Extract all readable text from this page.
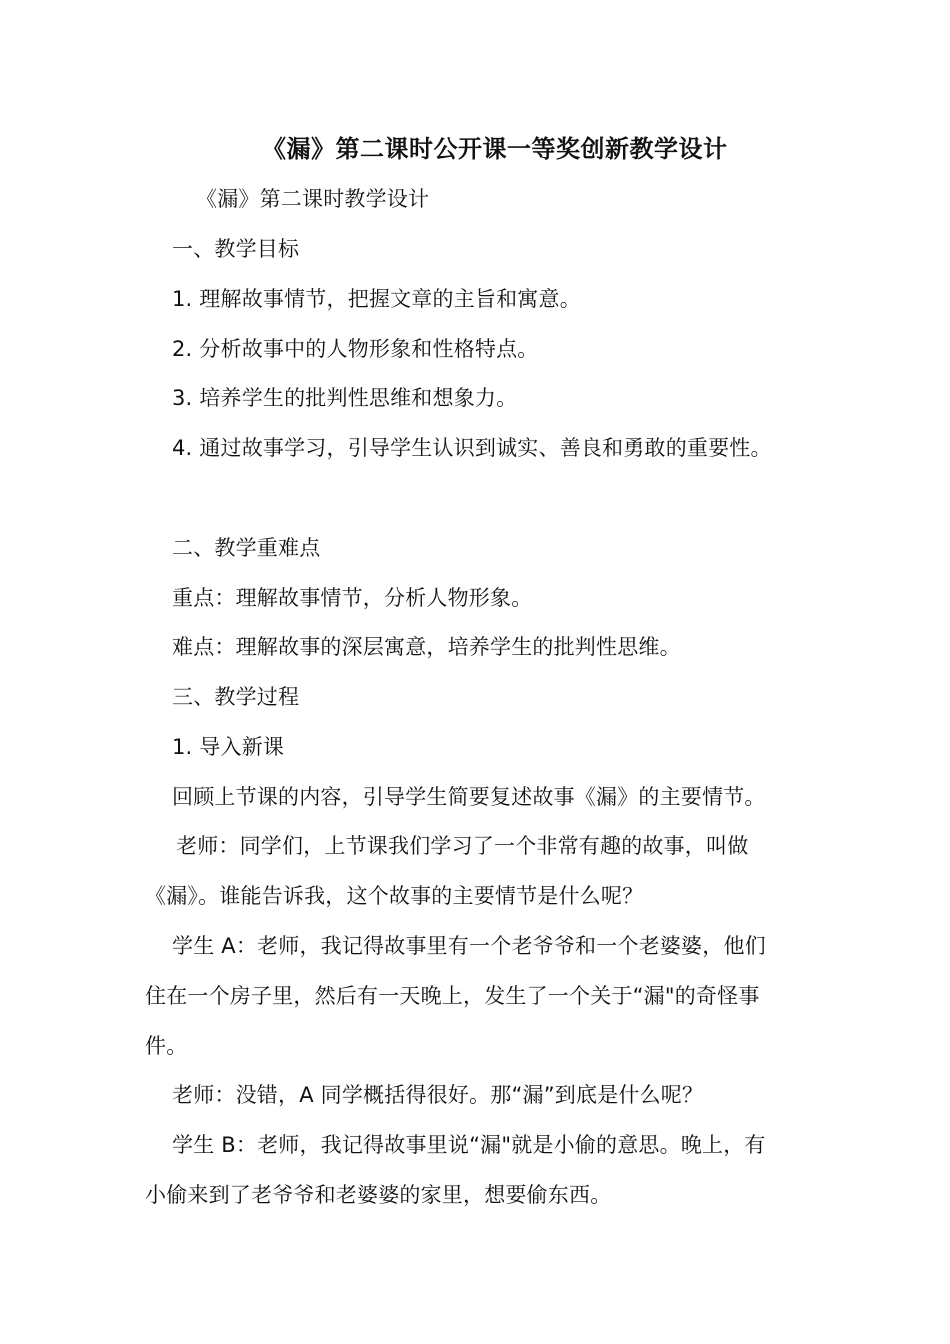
《漏》第二课时公开课一等奖创新教学设计
《漏》第二课时教学设计
一、教学目标
1. 理解故事情节，把握文章的主旨和寓意。
2. 分析故事中的人物形象和性格特点。
3. 培养学生的批判性思维和想象力。
4. 通过故事学习，引导学生认识到诚实、善良和勇敢的重要性。
二、教学重难点
重点：理解故事情节，分析人物形象。
难点：理解故事的深层寓意，培养学生的批判性思维。
三、教学过程
1. 导入新课
回顾上节课的内容，引导学生简要复述故事《漏》的主要情节。
老师：同学们，上节课我们学习了一个非常有趣的故事，叫做
《漏》。谁能告诉我，这个故事的主要情节是什么呢？
学生 A：老师，我记得故事里有一个老爷爷和一个老婆婆，他们
住在一个房子里，然后有一天晚上，发生了一个关于“漏"的奇怪事
件。
老师：没错，A 同学概括得很好。那“漏”到底是什么呢？
学生 B：老师，我记得故事里说“漏"就是小偷的意思。晚上，有
小偷来到了老爷爷和老婆婆的家里，想要偷东西。
